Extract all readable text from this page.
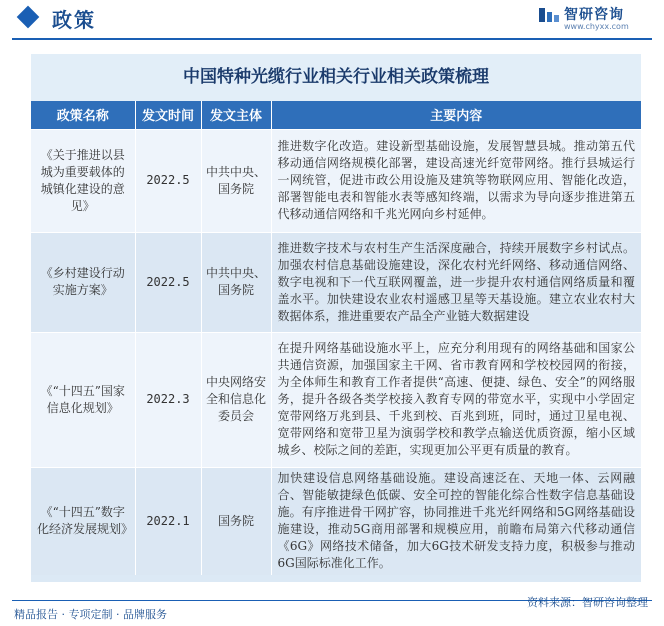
政策	智研咨询
www.chyxx.com
中国特种光缆行业相关行业相关政策梳理
政策名称	发文时间	发文主体	主要内容
《关于推进以县城为重要载体的城镇化建设的意见》	2022.5	中共中央、国务院	推进数字化改造。建设新型基础设施，发展智慧县城。推动第五代移动通信网络规模化部署，建设高速光纤宽带网络。推行县城运行一网统管，促进市政公用设施及建筑等物联网应用、智能化改造，部署智能电表和智能水表等感知终端，以需求为导向逐步推进第五代移动通信网络和千兆光网向乡村延伸。
《乡村建设行动实施方案》	2022.5	中共中央、国务院	推进数字技术与农村生产生活深度融合，持续开展数字乡村试点。加强农村信息基础设施建设，深化农村光纤网络、移动通信网络、数字电视和下一代互联网覆盖，进一步提升农村通信网络质量和覆盖水平。加快建设农业农村遥感卫星等天基设施。建立农业农村大数据体系，推进重要农产品全产业链大数据建设
《“十四五”国家信息化规划》	2022.3	中央网络安全和信息化委员会	在提升网络基础设施水平上，应充分利用现有的网络基础和国家公共通信资源，加强国家主干网、省市教育网和学校校园网的衔接，为全体师生和教育工作者提供“高速、便捷、绿色、安全”的网络服务，提升各级各类学校接入教育专网的带宽水平，实现中小学固定宽带网络万兆到县、千兆到校、百兆到班，同时，通过卫星电视、宽带网络和宽带卫星为演弱学校和教学点输送优质资源，缩小区域城乡、校际之间的差距，实现更加公平更有质量的教育。
《“十四五”数字化经济发展规划》	2022.1	国务院	加快建设信息网络基础设施。建设高速泛在、天地一体、云网融合、智能敏捷绿色低碳、安全可控的智能化综合性数字信息基础设施。有序推进骨干网扩容，协同推进千兆光纤网络和5G网络基础设施建设，推动5G商用部署和规模应用，前瞻布局第六代移动通信《6G》网络技术储备，加大6G技术研发支持力度，积极参与推动6G国际标准化工作。
精品报告 · 专项定制 · 品牌服务
资料来源：智研咨询整理
